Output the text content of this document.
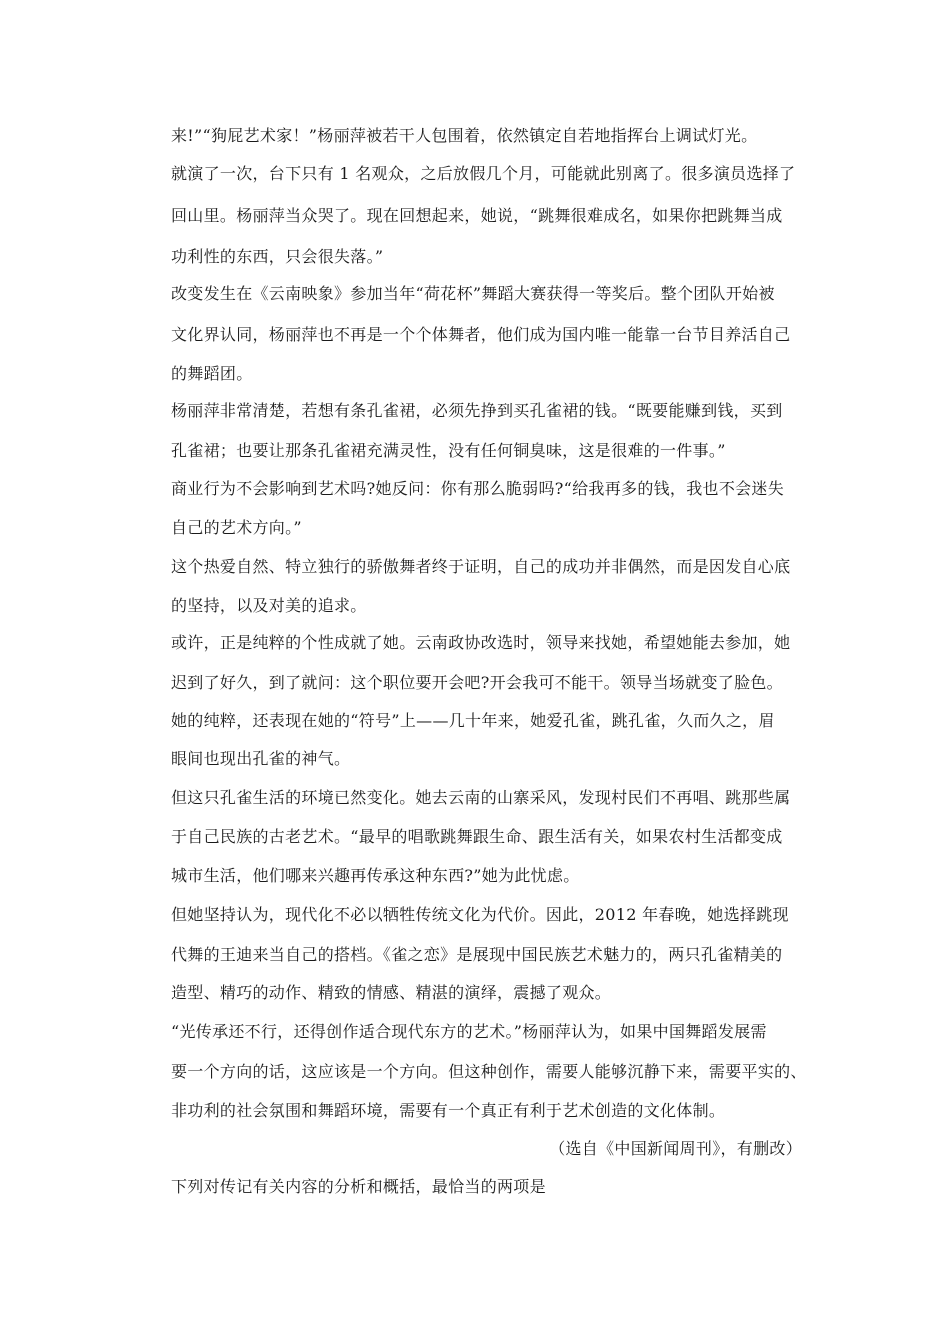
来!”“狗屁艺术家！”杨丽萍被若干人包围着，依然镇定自若地指挥台上调试灯光。
就演了一次，台下只有 1 名观众，之后放假几个月，可能就此别离了。很多演员选择了
回山里。杨丽萍当众哭了。现在回想起来，她说，“跳舞很难成名，如果你把跳舞当成
功利性的东西，只会很失落。”
改变发生在《云南映象》参加当年“荷花杯”舞蹈大赛获得一等奖后。整个团队开始被
文化界认同，杨丽萍也不再是一个个体舞者，他们成为国内唯一能靠一台节目养活自己
的舞蹈团。
杨丽萍非常清楚，若想有条孔雀裙，必须先挣到买孔雀裙的钱。“既要能赚到钱，买到
孔雀裙；也要让那条孔雀裙充满灵性，没有任何铜臭味，这是很难的一件事。”
商业行为不会影响到艺术吗?她反问：你有那么脆弱吗?“给我再多的钱，我也不会迷失
自己的艺术方向。”
这个热爱自然、特立独行的骄傲舞者终于证明，自己的成功并非偶然，而是因发自心底
的坚持，以及对美的追求。
或许，正是纯粹的个性成就了她。云南政协改选时，领导来找她，希望她能去参加，她
迟到了好久，到了就问：这个职位要开会吧?开会我可不能干。领导当场就变了脸色。
她的纯粹，还表现在她的“符号”上——几十年来，她爱孔雀，跳孔雀，久而久之，眉
眼间也现出孔雀的神气。
但这只孔雀生活的环境已然变化。她去云南的山寨采风，发现村民们不再唱、跳那些属
于自己民族的古老艺术。“最早的唱歌跳舞跟生命、跟生活有关，如果农村生活都变成
城市生活，他们哪来兴趣再传承这种东西?”她为此忧虑。
但她坚持认为，现代化不必以牺牲传统文化为代价。因此，2012 年春晚，她选择跳现
代舞的王迪来当自己的搭档。《雀之恋》是展现中国民族艺术魅力的，两只孔雀精美的
造型、精巧的动作、精致的情感、精湛的演绎，震撼了观众。
“光传承还不行，还得创作适合现代东方的艺术。”杨丽萍认为，如果中国舞蹈发展需
要一个方向的话，这应该是一个方向。但这种创作，需要人能够沉静下来，需要平实的、
非功利的社会氛围和舞蹈环境，需要有一个真正有利于艺术创造的文化体制。
（选自《中国新闻周刊》，有删改）
下列对传记有关内容的分析和概括，最恰当的两项是
